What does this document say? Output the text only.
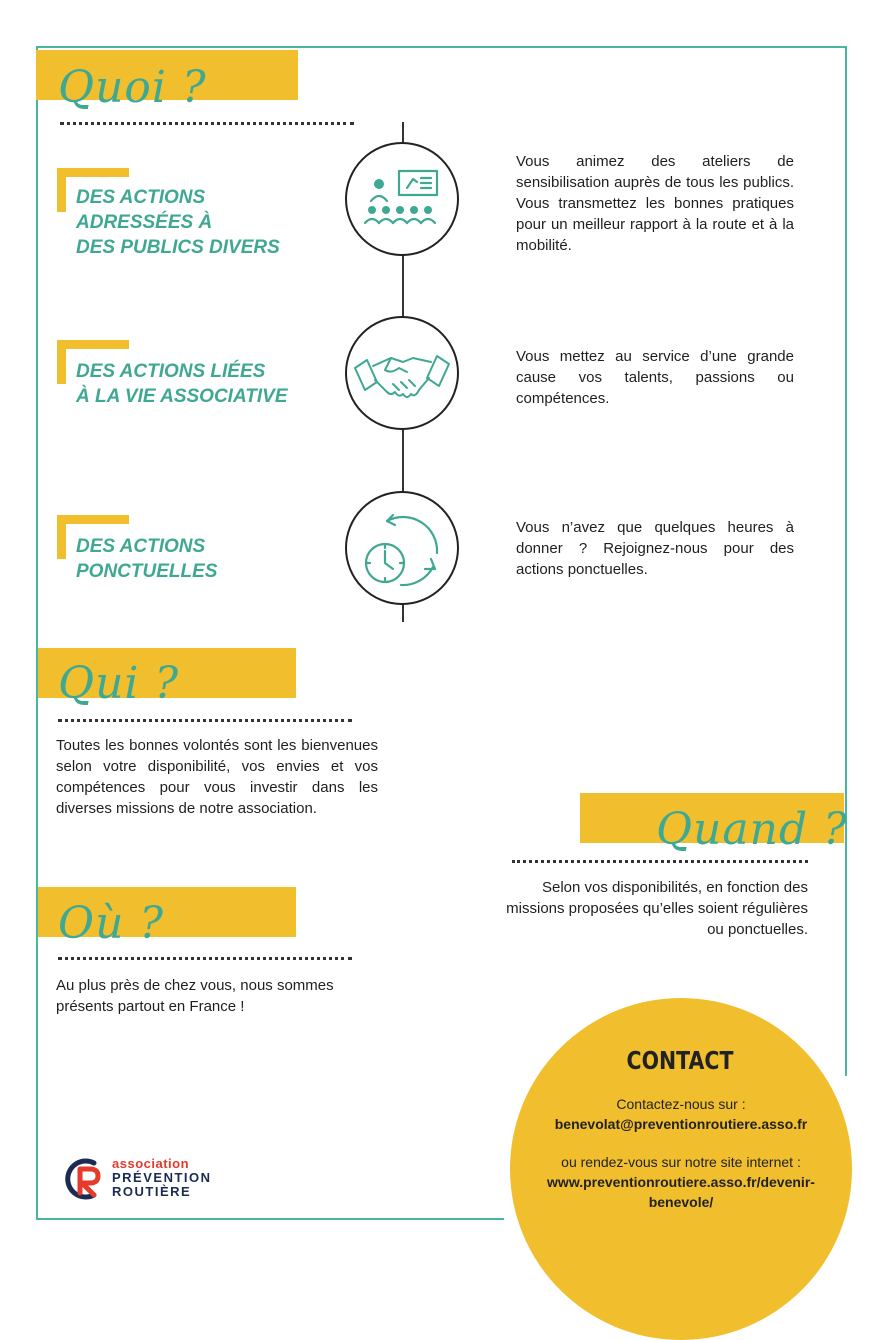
Quoi ?
DES ACTIONS
ADRESSÉES À
DES PUBLICS DIVERS
Vous animez des ateliers de sensibilisation auprès de tous les publics. Vous transmettez les bonnes pratiques pour un meilleur rapport à la route et à la mobilité.
DES ACTIONS LIÉES
À LA VIE ASSOCIATIVE
Vous mettez au service d’une grande cause vos talents, passions ou compétences.
DES ACTIONS
PONCTUELLES
Vous n’avez que quelques heures à donner ? Rejoignez-nous pour des actions ponctuelles.
Qui ?
Toutes les bonnes volontés sont les bienvenues selon votre disponibilité, vos envies et vos compétences pour vous investir dans les diverses missions de notre association.	Quand ?
Selon vos disponibilités, en fonction des missions proposées qu’elles soient régulières ou ponctuelles.
Où ?
Au plus près de chez vous, nous sommes présents partout en France !
CONTACT
Contactez-nous sur :
benevolat@preventionroutiere.asso.fr
ou rendez-vous sur notre site internet :
www.preventionroutiere.asso.fr/devenir-
benevole/
association
PRÉVENTION
ROUTIÈRE
